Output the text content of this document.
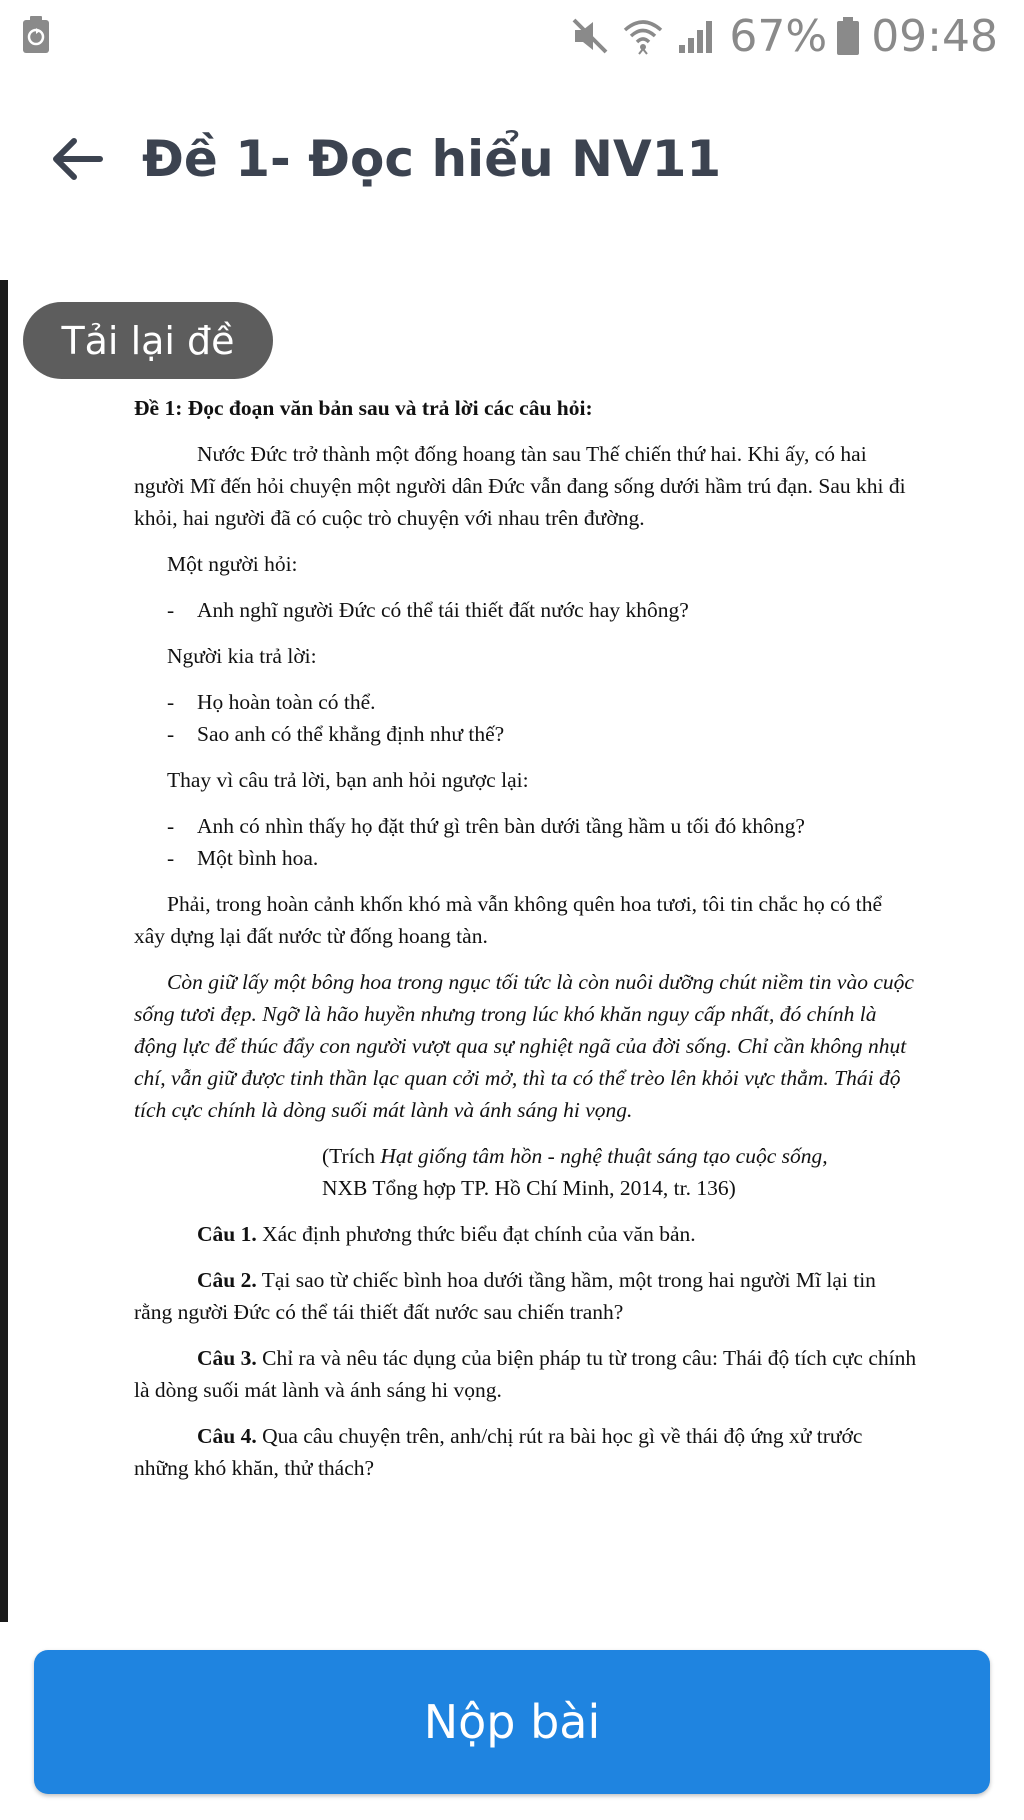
67% 09:48
Đề 1- Đọc hiểu NV11
Tải lại đề

Đề 1: Đọc đoạn văn bản sau và trả lời các câu hỏi:

Nước Đức trở thành một đống hoang tàn sau Thế chiến thứ hai. Khi ấy, có hai người Mĩ đến hỏi chuyện một người dân Đức vẫn đang sống dưới hầm trú đạn. Sau khi đi khỏi, hai người đã có cuộc trò chuyện với nhau trên đường.

Một người hỏi:

- Anh nghĩ người Đức có thể tái thiết đất nước hay không?

Người kia trả lời:

- Họ hoàn toàn có thể.

- Sao anh có thể khẳng định như thế?

Thay vì câu trả lời, bạn anh hỏi ngược lại:

- Anh có nhìn thấy họ đặt thứ gì trên bàn dưới tầng hầm u tối đó không?

- Một bình hoa.

Phải, trong hoàn cảnh khốn khó mà vẫn không quên hoa tươi, tôi tin chắc họ có thể xây dựng lại đất nước từ đống hoang tàn.

Còn giữ lấy một bông hoa trong ngục tối tức là còn nuôi dưỡng chút niềm tin vào cuộc sống tươi đẹp. Ngỡ là hão huyền nhưng trong lúc khó khăn nguy cấp nhất, đó chính là động lực để thúc đẩy con người vượt qua sự nghiệt ngã của đời sống. Chỉ cần không nhụt chí, vẫn giữ được tinh thần lạc quan cởi mở, thì ta có thể trèo lên khỏi vực thẳm. Thái độ tích cực chính là dòng suối mát lành và ánh sáng hi vọng.

(Trích Hạt giống tâm hồn - nghệ thuật sáng tạo cuộc sống,

NXB Tổng hợp TP. Hồ Chí Minh, 2014, tr. 136)

Câu 1. Xác định phương thức biểu đạt chính của văn bản.

Câu 2. Tại sao từ chiếc bình hoa dưới tầng hầm, một trong hai người Mĩ lại tin rằng người Đức có thể tái thiết đất nước sau chiến tranh?

Câu 3. Chỉ ra và nêu tác dụng của biện pháp tu từ trong câu: Thái độ tích cực chính là dòng suối mát lành và ánh sáng hi vọng.

Câu 4. Qua câu chuyện trên, anh/chị rút ra bài học gì về thái độ ứng xử trước những khó khăn, thử thách?

Nộp bài
